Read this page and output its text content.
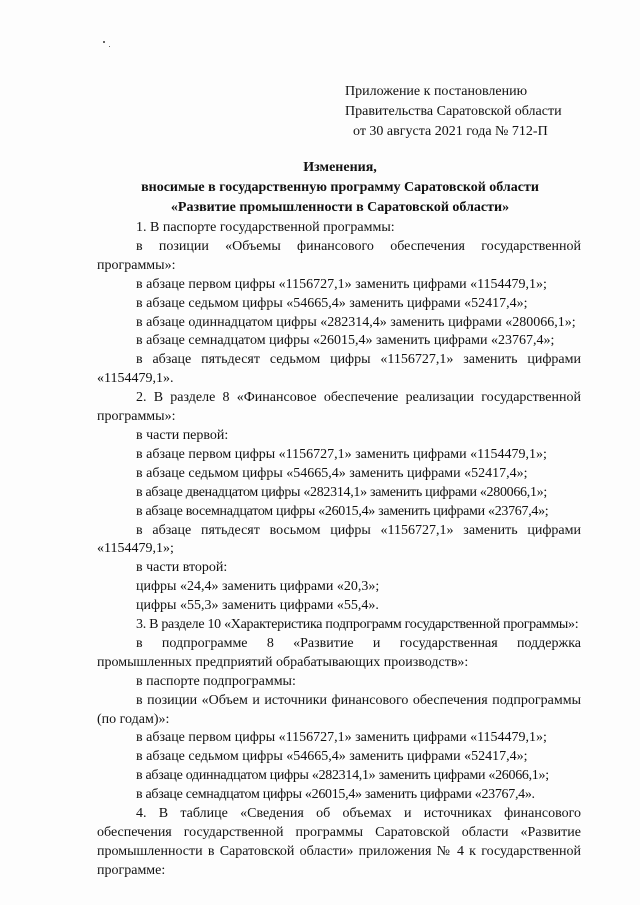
Приложение к постановлению
Правительства Саратовской области
от 30 августа 2021 года № 712-П
Изменения,
вносимые в государственную программу Саратовской области
«Развитие промышленности в Саратовской области»

1. В паспорте государственной программы:

в позиции «Объемы финансового обеспечения государственной программы»:

в абзаце первом цифры «1156727,1» заменить цифрами «1154479,1»;

в абзаце седьмом цифры «54665,4» заменить цифрами «52417,4»;

в абзаце одиннадцатом цифры «282314,4» заменить цифрами «280066,1»;

в абзаце семнадцатом цифры «26015,4» заменить цифрами «23767,4»;

в абзаце пятьдесят седьмом цифры «1156727,1» заменить цифрами «1154479,1».

2. В разделе 8 «Финансовое обеспечение реализации государственной программы»:

в части первой:

в абзаце первом цифры «1156727,1» заменить цифрами «1154479,1»;

в абзаце седьмом цифры «54665,4» заменить цифрами «52417,4»;

в абзаце двенадцатом цифры «282314,1» заменить цифрами «280066,1»;

в абзаце восемнадцатом цифры «26015,4» заменить цифрами «23767,4»;

в абзаце пятьдесят восьмом цифры «1156727,1» заменить цифрами «1154479,1»;

в части второй:

цифры «24,4» заменить цифрами «20,3»;

цифры «55,3» заменить цифрами «55,4».

3. В разделе 10 «Характеристика подпрограмм государственной программы»:

в подпрограмме 8 «Развитие и государственная поддержка промышленных предприятий обрабатывающих производств»:

в паспорте подпрограммы:

в позиции «Объем и источники финансового обеспечения подпрограммы (по годам)»:

в абзаце первом цифры «1156727,1» заменить цифрами «1154479,1»;

в абзаце седьмом цифры «54665,4» заменить цифрами «52417,4»;

в абзаце одиннадцатом цифры «282314,1» заменить цифрами «26066,1»;

в абзаце семнадцатом цифры «26015,4» заменить цифрами «23767,4».

4. В таблице «Сведения об объемах и источниках финансового обеспечения государственной программы Саратовской области «Развитие промышленности в Саратовской области» приложения № 4 к государственной программе:
